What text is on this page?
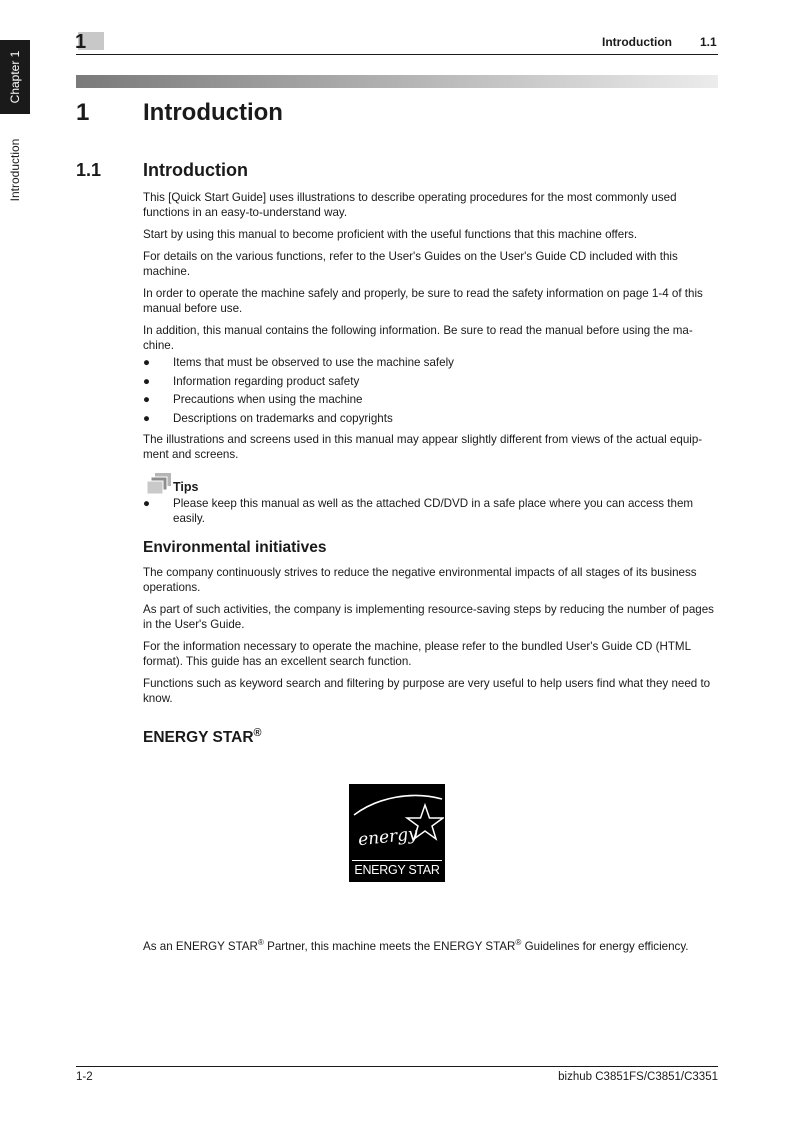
Chapter 1
Introduction
1	Introduction 1.1
1 Introduction
1.1 Introduction

This [Quick Start Guide] uses illustrations to describe operating procedures for the most commonly used functions in an easy-to-understand way.

Start by using this manual to become proficient with the useful functions that this machine offers.

For details on the various functions, refer to the User's Guides on the User's Guide CD included with this machine.

In order to operate the machine safely and properly, be sure to read the safety information on page 1-4 of this manual before use.

In addition, this manual contains the following information. Be sure to read the manual before using the ma-chine.

● Items that must be observed to use the machine safely
● Information regarding product safety
● Precautions when using the machine
● Descriptions on trademarks and copyrights

The illustrations and screens used in this manual may appear slightly different from views of the actual equip-ment and screens.

Tips
● Please keep this manual as well as the attached CD/DVD in a safe place where you can access them easily.
Environmental initiatives

The company continuously strives to reduce the negative environmental impacts of all stages of its business operations.

As part of such activities, the company is implementing resource-saving steps by reducing the number of pages in the User's Guide.

For the information necessary to operate the machine, please refer to the bundled User's Guide CD (HTML format). This guide has an excellent search function.

Functions such as keyword search and filtering by purpose are very useful to help users find what they need to know.

ENERGY STAR®
energy
ENERGY STAR

As an ENERGY STAR® Partner, this machine meets the ENERGY STAR® Guidelines for energy efficiency.

1-2	bizhub C3851FS/C3851/C3351
